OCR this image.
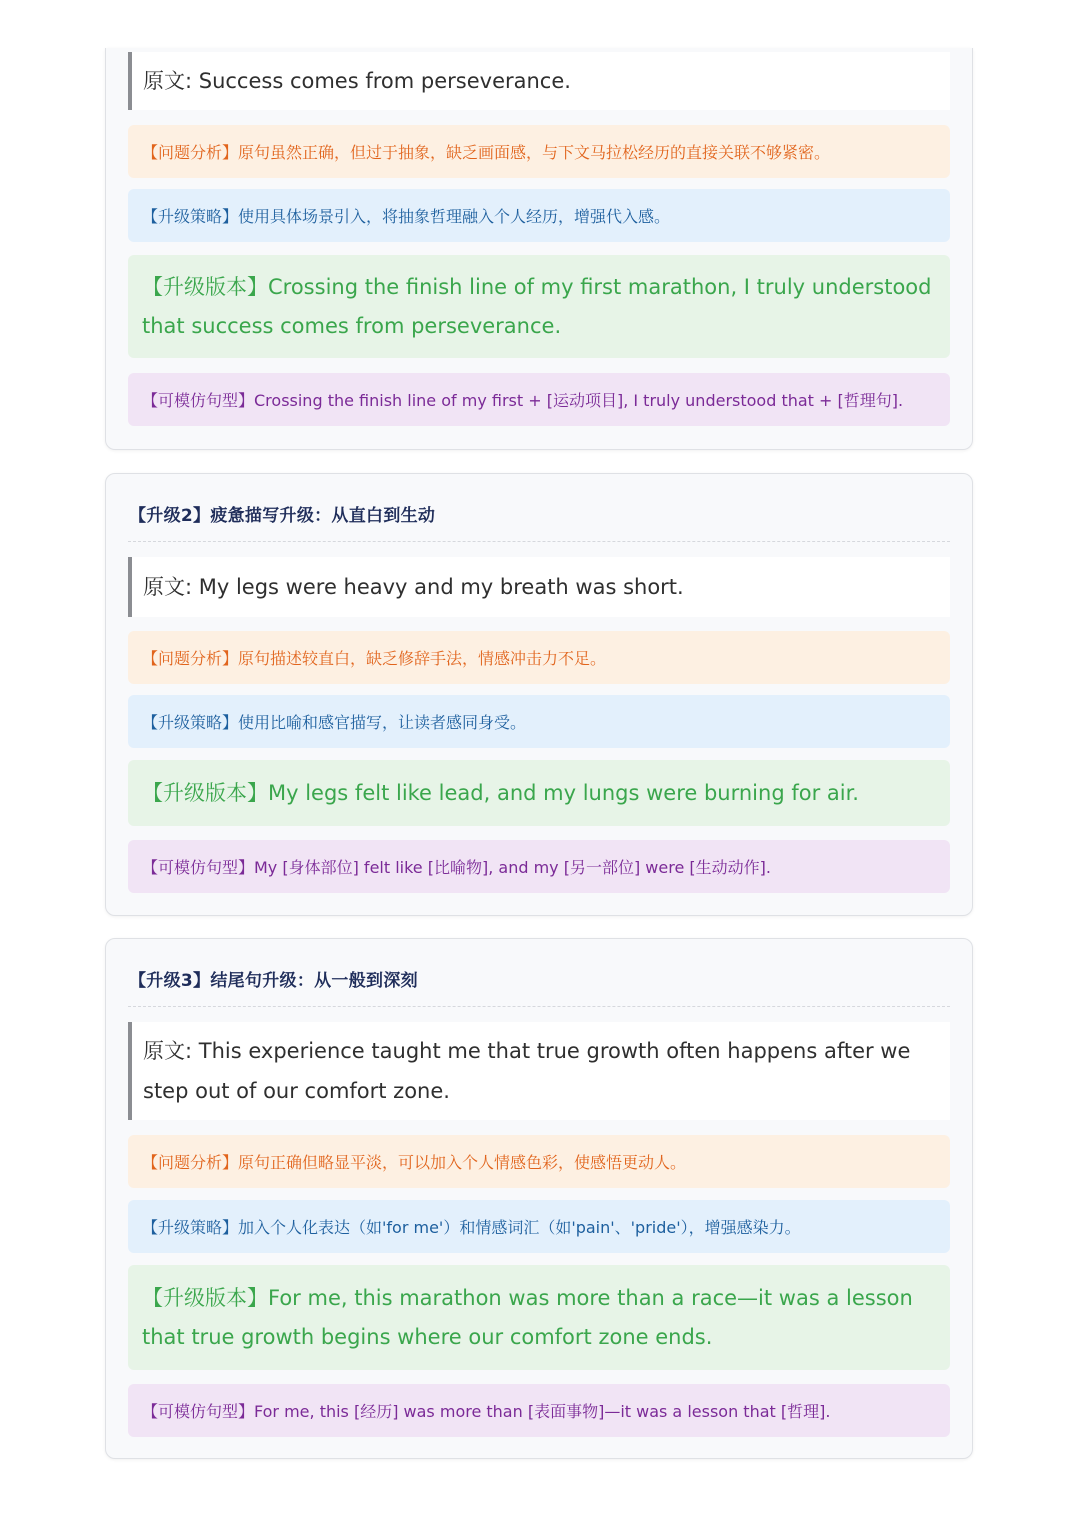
原文: Success comes from perseverance.
【问题分析】原句虽然正确，但过于抽象，缺乏画面感，与下文马拉松经历的直接关联不够紧密。
【升级策略】使用具体场景引入，将抽象哲理融入个人经历，增强代入感。
【升级版本】Crossing the finish line of my first marathon, I truly understood that success comes from perseverance.
【可模仿句型】Crossing the finish line of my first + [运动项目], I truly understood that + [哲理句].
【升级2】疲惫描写升级：从直白到生动
原文: My legs were heavy and my breath was short.
【问题分析】原句描述较直白，缺乏修辞手法，情感冲击力不足。
【升级策略】使用比喻和感官描写，让读者感同身受。
【升级版本】My legs felt like lead, and my lungs were burning for air.
【可模仿句型】My [身体部位] felt like [比喻物], and my [另一部位] were [生动动作].
【升级3】结尾句升级：从一般到深刻
原文: This experience taught me that true growth often happens after we step out of our comfort zone.
【问题分析】原句正确但略显平淡，可以加入个人情感色彩，使感悟更动人。
【升级策略】加入个人化表达（如'for me'）和情感词汇（如'pain'、'pride'），增强感染力。
【升级版本】For me, this marathon was more than a race—it was a lesson that true growth begins where our comfort zone ends.
【可模仿句型】For me, this [经历] was more than [表面事物]—it was a lesson that [哲理].
